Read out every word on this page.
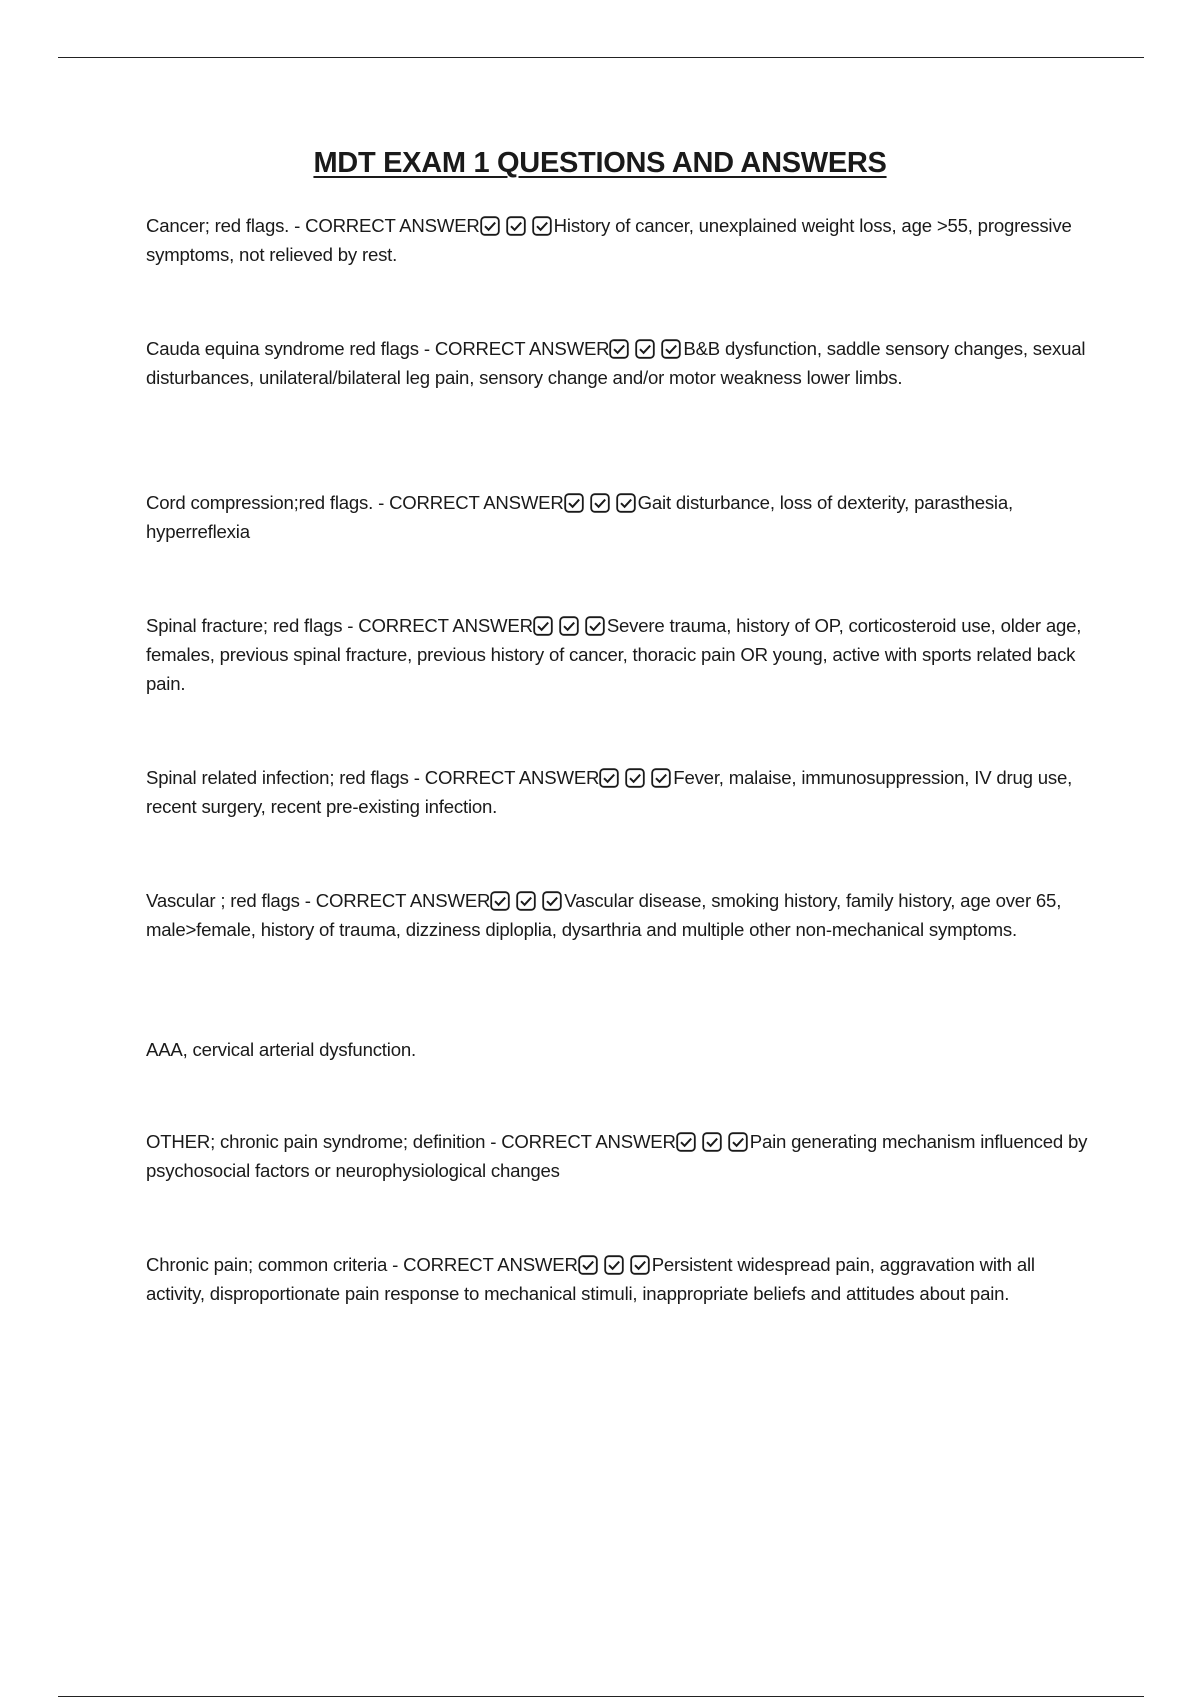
MDT EXAM 1 QUESTIONS AND ANSWERS

Cancer; red flags. - CORRECT ANSWER	History of cancer, unexplained weight loss, age >55, progressive symptoms, not relieved by rest.

Cauda equina syndrome red flags - CORRECT ANSWER	B&B dysfunction, saddle sensory changes, sexual disturbances, unilateral/bilateral leg pain, sensory change and/or motor weakness lower limbs.

Cord compression;red flags. - CORRECT ANSWER	Gait disturbance, loss of dexterity, parasthesia, hyperreflexia

Spinal fracture; red flags - CORRECT ANSWER	Severe trauma, history of OP, corticosteroid use, older age, females, previous spinal fracture, previous history of cancer, thoracic pain OR young, active with sports related back pain.

Spinal related infection; red flags - CORRECT ANSWER	Fever, malaise, immunosuppression, IV drug use, recent surgery, recent pre-existing infection.

Vascular ; red flags - CORRECT ANSWER	Vascular disease, smoking history, family history, age over 65, male>female, history of trauma, dizziness diploplia, dysarthria and multiple other non-mechanical symptoms.

AAA, cervical arterial dysfunction.

OTHER; chronic pain syndrome; definition - CORRECT ANSWER	Pain generating mechanism influenced by psychosocial factors or neurophysiological changes

Chronic pain; common criteria - CORRECT ANSWER	Persistent widespread pain, aggravation with all activity, disproportionate pain response to mechanical stimuli, inappropriate beliefs and attitudes about pain.
